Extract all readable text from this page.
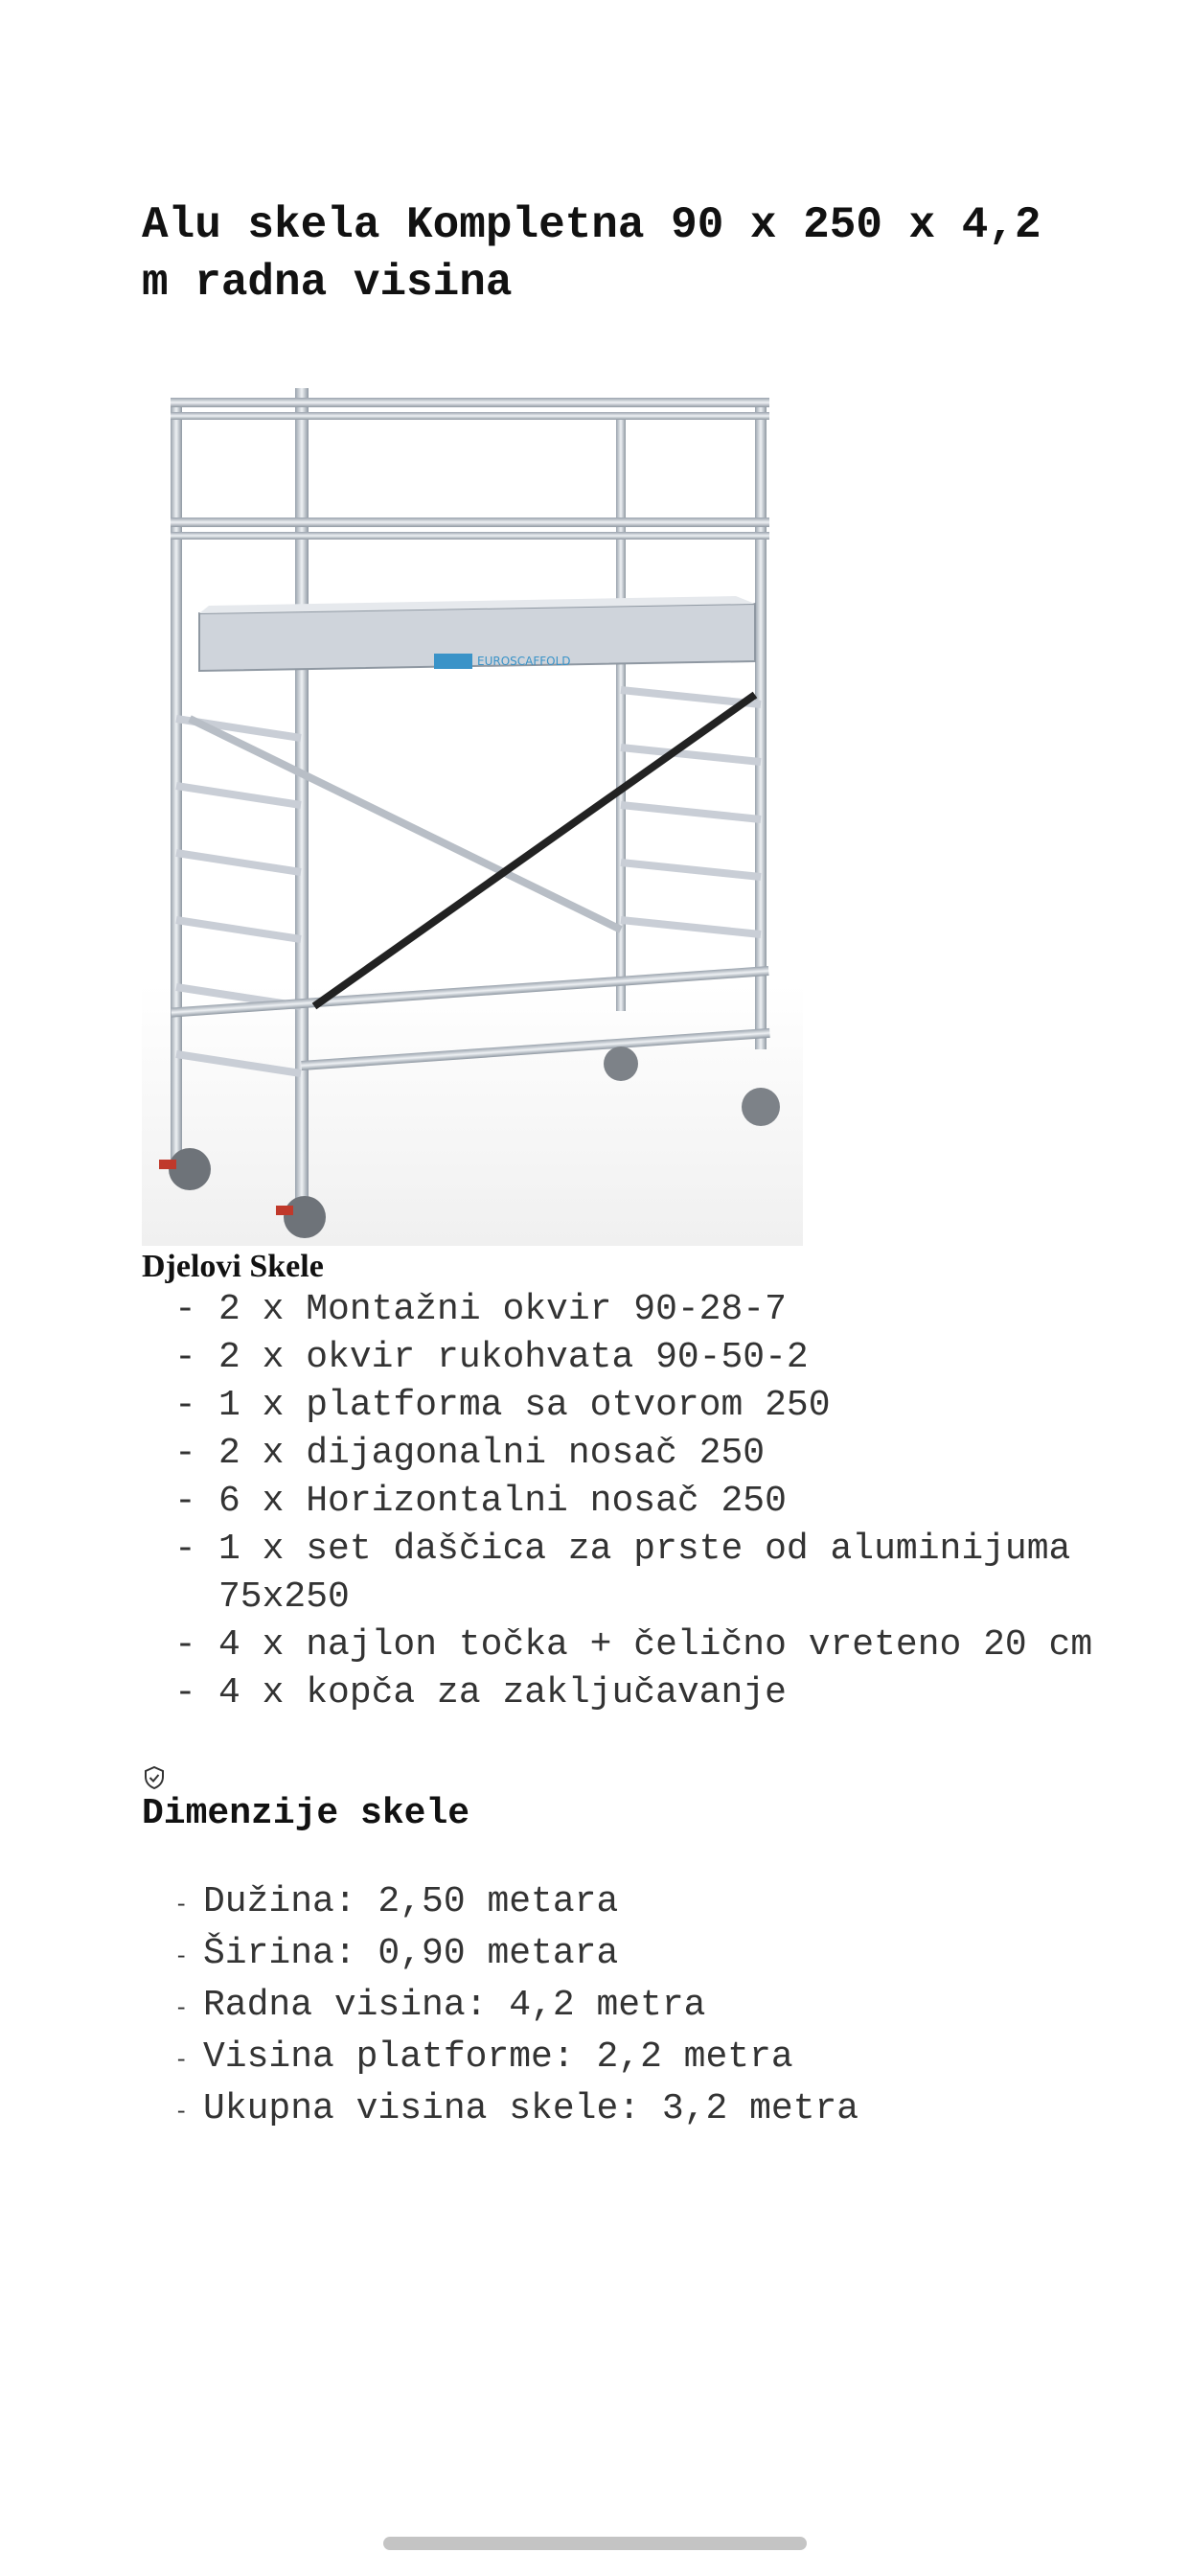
Alu skela Kompletna 90 x 250 x 4,2 m radna visina
EUROSCAFFOLD
Djelovi Skele
- 2 x Montažni okvir 90-28-7
- 2 x okvir rukohvata 90-50-2
- 1 x platforma sa otvorom 250
- 2 x dijagonalni nosač 250
- 6 x Horizontalni nosač 250
- 1 x set daščica za prste od aluminijuma 75x250
- 4 x najlon točka + čelično vreteno 20 cm
- 4 x kopča za zaključavanje
Dimenzije skele
- Dužina: 2,50 metara
- Širina: 0,90 metara
- Radna visina: 4,2 metra
- Visina platforme: 2,2 metra
- Ukupna visina skele: 3,2 metra
